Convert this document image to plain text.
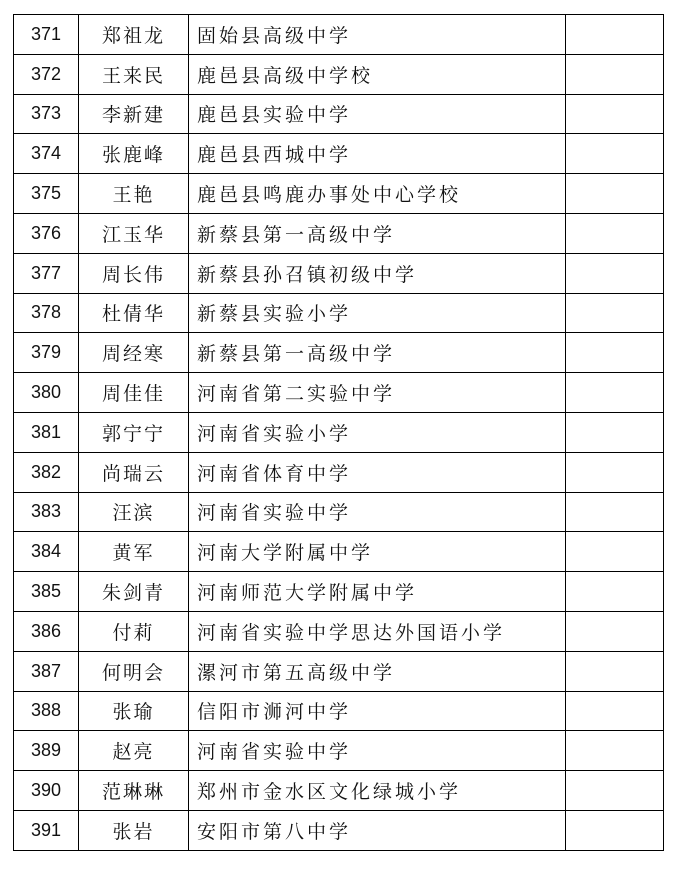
371	郑祖龙	固始县高级中学	
372	王来民	鹿邑县高级中学校	
373	李新建	鹿邑县实验中学	
374	张鹿峰	鹿邑县西城中学	
375	王艳	鹿邑县鸣鹿办事处中心学校	
376	江玉华	新蔡县第一高级中学	
377	周长伟	新蔡县孙召镇初级中学	
378	杜倩华	新蔡县实验小学	
379	周经寒	新蔡县第一高级中学	
380	周佳佳	河南省第二实验中学	
381	郭宁宁	河南省实验小学	
382	尚瑞云	河南省体育中学	
383	汪滨	河南省实验中学	
384	黄军	河南大学附属中学	
385	朱剑青	河南师范大学附属中学	
386	付莉	河南省实验中学思达外国语小学	
387	何明会	漯河市第五高级中学	
388	张瑜	信阳市浉河中学	
389	赵亮	河南省实验中学	
390	范琳琳	郑州市金水区文化绿城小学	
391	张岩	安阳市第八中学	
